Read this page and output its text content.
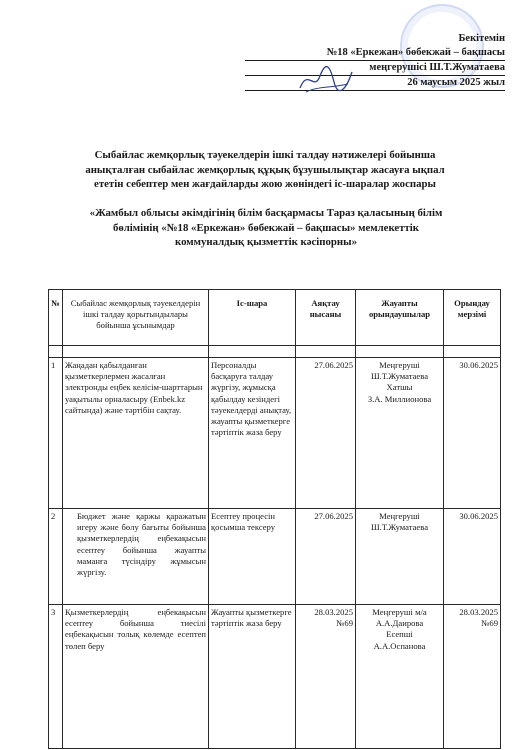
Бекітемін
№18 «Еркежан» бөбекжай – бақшасы
меңгерушісі Ш.Т.Жуматаева
26 маусым 2025 жыл
Сыбайлас жемқорлық тәуекелдерін ішкі талдау нәтижелері бойынша
анықталған сыбайлас жемқорлық құқық бұзушылықтар жасауға ықпал
ететін себептер мен жағдайларды жою жөніндегі іс-шаралар жоспары
«Жамбыл облысы әкімдігінің білім басқармасы Тараз қаласының білім
бөлімінің «№18 «Еркежан» бөбекжай – бақшасы» мемлекеттік
коммуналдық қызметтік кәсіпорны»
№	Сыбайлас жемқорлық тәуекелдерін ішкі талдау қорытындылары бойынша ұсынымдар	Іс-шара	Аяқтау нысаны	Жауапты орындаушылар	Орындау мерзімі

1	Жаңадан қабылданған қызметкерлермен жасалған электронды еңбек келісім-шарттарын уақытылы орналасыру (Enbek.kz сайтында) және тәртібін сақтау.	Персоналды басқаруға талдау жүргізу, жұмысқа қабылдау кезіндегі тәуекелдерді анықтау, жауапты қызметкерге тәртіптік жаза беру	27.06.2025	Меңгеруші
Ш.Т.Жуматаева
Хатшы
З.А. Миллионова	30.06.2025
2	Бюджет және қаржы қаражатын игеру және бөлу бағыты бойынша қызметкерлердің еңбекақысын есептеу бойынша жауапты маманға түсіндіру жұмысын жүргізу.	Есептеу процесін қосымша тексеру	27.06.2025	Меңгеруші
Ш.Т.Жуматаева	30.06.2025
3	Қызметкерлердің еңбекақысын есептеу бойынша тиесілі еңбекақысын толық көлемде есептеп төлеп беру	Жауапты қызметкерге тәртіптік жаза беру	28.03.2025 №69	Меңгеруші м/а
А.А.Даирова
Есепші
А.А.Оспанова	28.03.2025 №69
